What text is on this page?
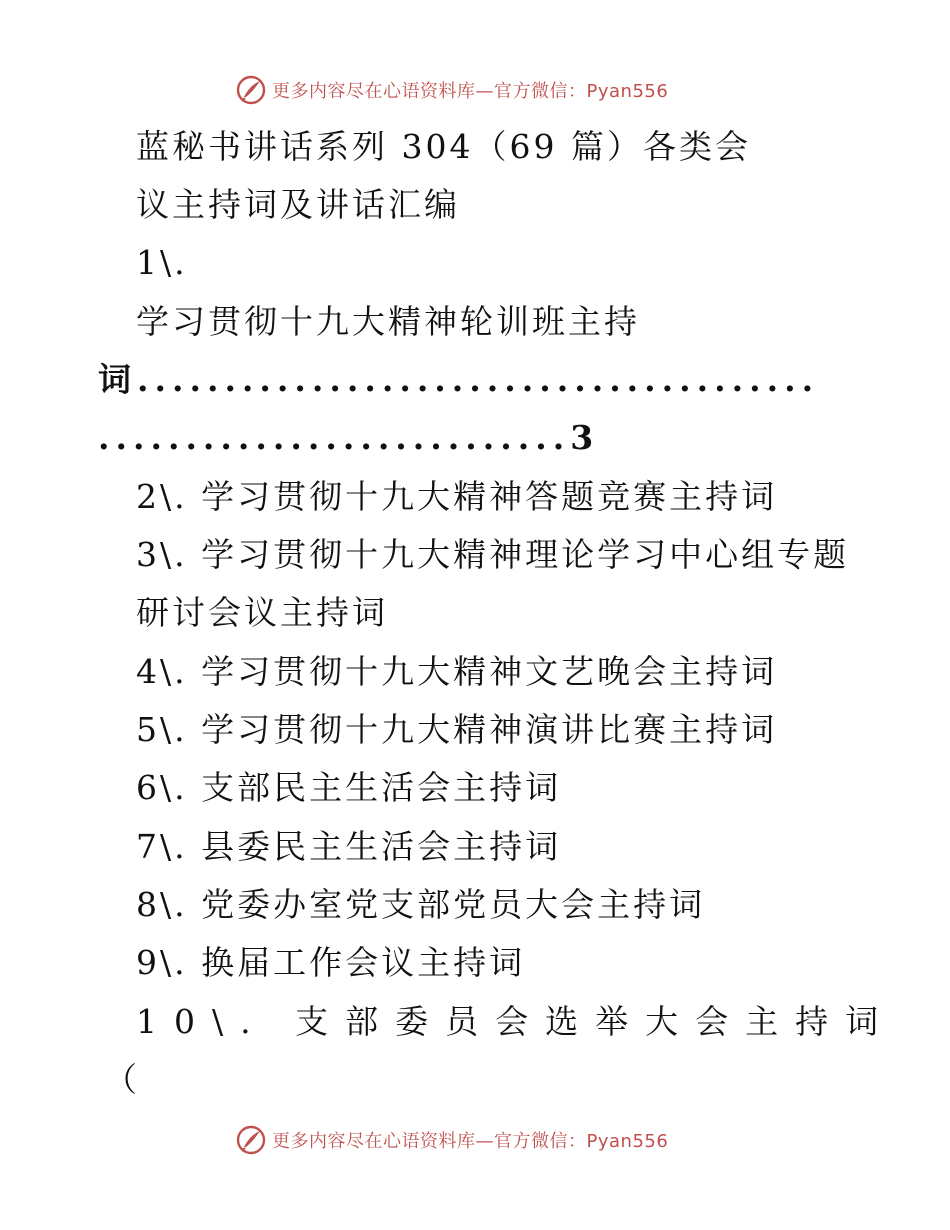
更多内容尽在心语资料库—官方微信：Pyan556
蓝秘书讲话系列 304（69 篇）各类会
议主持词及讲话汇编
1\.
学习贯彻十九大精神轮训班主持
词.......................................
...........................3
2\. 学习贯彻十九大精神答题竞赛主持词
3\. 学习贯彻十九大精神理论学习中心组专题
研讨会议主持词
4\. 学习贯彻十九大精神文艺晚会主持词
5\. 学习贯彻十九大精神演讲比赛主持词
6\. 支部民主生活会主持词
7\. 县委民主生活会主持词
8\. 党委办室党支部党员大会主持词
9\. 换届工作会议主持词
10\. 支部委员会选举大会主持词
（
更多内容尽在心语资料库—官方微信：Pyan556
